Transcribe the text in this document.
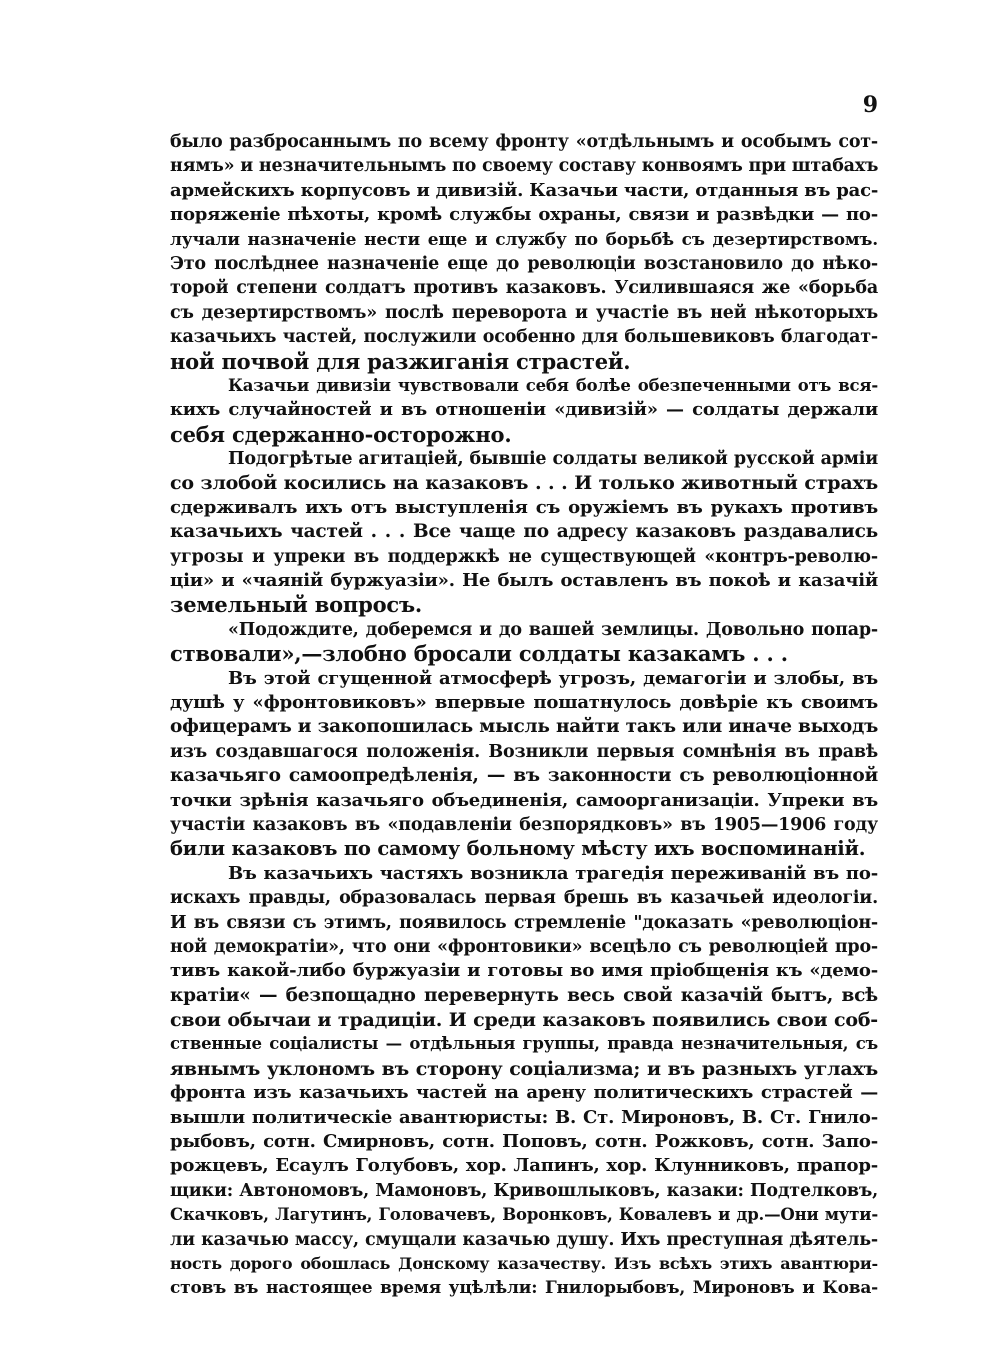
9
было разбросаннымъ по всему фронту «отдѣльнымъ и особымъ сот-
нямъ» и незначительнымъ по своему составу конвоямъ при штабахъ
армейскихъ корпусовъ и дивизій. Казачьи части, отданныя въ рас-
поряженіе пѣхоты, кромѣ службы охраны, связи и развѣдки — по-
лучали назначеніе нести еще и службу по борьбѣ съ дезертирствомъ.
Это послѣднее назначеніе еще до революціи возстановило до нѣко-
торой степени солдатъ противъ казаковъ. Усилившаяся же «борьба
съ дезертирствомъ» послѣ переворота и участіе въ ней нѣкоторыхъ
казачьихъ частей, послужили особенно для большевиковъ благодат-
ной почвой для разжиганія страстей.
Казачьи дивизіи чувствовали себя болѣе обезпеченными отъ вся-
кихъ случайностей и въ отношеніи «дивизій» — солдаты держали
себя сдержанно-осторожно.
Подогрѣтые агитаціей, бывшіе солдаты великой русской арміи
со злобой косились на казаковъ . . . И только животный страхъ
сдерживалъ ихъ отъ выступленія съ оружіемъ въ рукахъ противъ
казачьихъ частей . . . Все чаще по адресу казаковъ раздавались
угрозы и упреки въ поддержкѣ не существующей «контръ-револю-
ціи» и «чаяній буржуазіи». Не былъ оставленъ въ покоѣ и казачій
земельный вопросъ.
«Подождите, доберемся и до вашей землицы. Довольно попар-
ствовали»,—злобно бросали солдаты казакамъ . . .
Въ этой сгущенной атмосферѣ угрозъ, демагогіи и злобы, въ
душѣ у «фронтовиковъ» впервые пошатнулось довѣріе къ своимъ
офицерамъ и закопошилась мысль найти такъ или иначе выходъ
изъ создавшагося положенія. Возникли первыя сомнѣнія въ правѣ
казачьяго самоопредѣленія, — въ законности съ революціонной
точки зрѣнія казачьяго объединенія, самоорганизаціи. Упреки въ
участіи казаковъ въ «подавленіи безпорядковъ» въ 1905—1906 году
били казаковъ по самому больному мѣсту ихъ воспоминаній.
Въ казачьихъ частяхъ возникла трагедія переживаній въ по-
искахъ правды, образовалась первая брешь въ казачьей идеологіи.
И въ связи съ этимъ, появилось стремленіе "доказать «революціон-
ной демократіи», что они «фронтовики» всецѣло съ революціей про-
тивъ какой-либо буржуазіи и готовы во имя пріобщенія къ «демо-
кратіи« — безпощадно перевернуть весь свой казачій бытъ, всѣ
свои обычаи и традиціи. И среди казаковъ появились свои соб-
ственные соціалисты — отдѣльныя группы, правда незначительныя, съ
явнымъ уклономъ въ сторону соціализма; и въ разныхъ углахъ
фронта изъ казачьихъ частей на арену политическихъ страстей —
вышли политическіе авантюристы: В. Ст. Мироновъ, В. Ст. Гнило-
рыбовъ, сотн. Смирновъ, сотн. Поповъ, сотн. Рожковъ, сотн. Запо-
рожцевъ, Есаулъ Голубовъ, хор. Лапинъ, хор. Клунниковъ, прапор-
щики: Автономовъ, Мамоновъ, Кривошлыковъ, казаки: Подтелковъ,
Скачковъ, Лагутинъ, Головачевъ, Воронковъ, Ковалевъ и др.—Они мути-
ли казачью массу, смущали казачью душу. Ихъ преступная дѣятель-
ность дорого обошлась Донскому казачеству. Изъ всѣхъ этихъ авантюри-
стовъ въ настоящее время уцѣлѣли: Гнилорыбовъ, Мироновъ и Кова-
